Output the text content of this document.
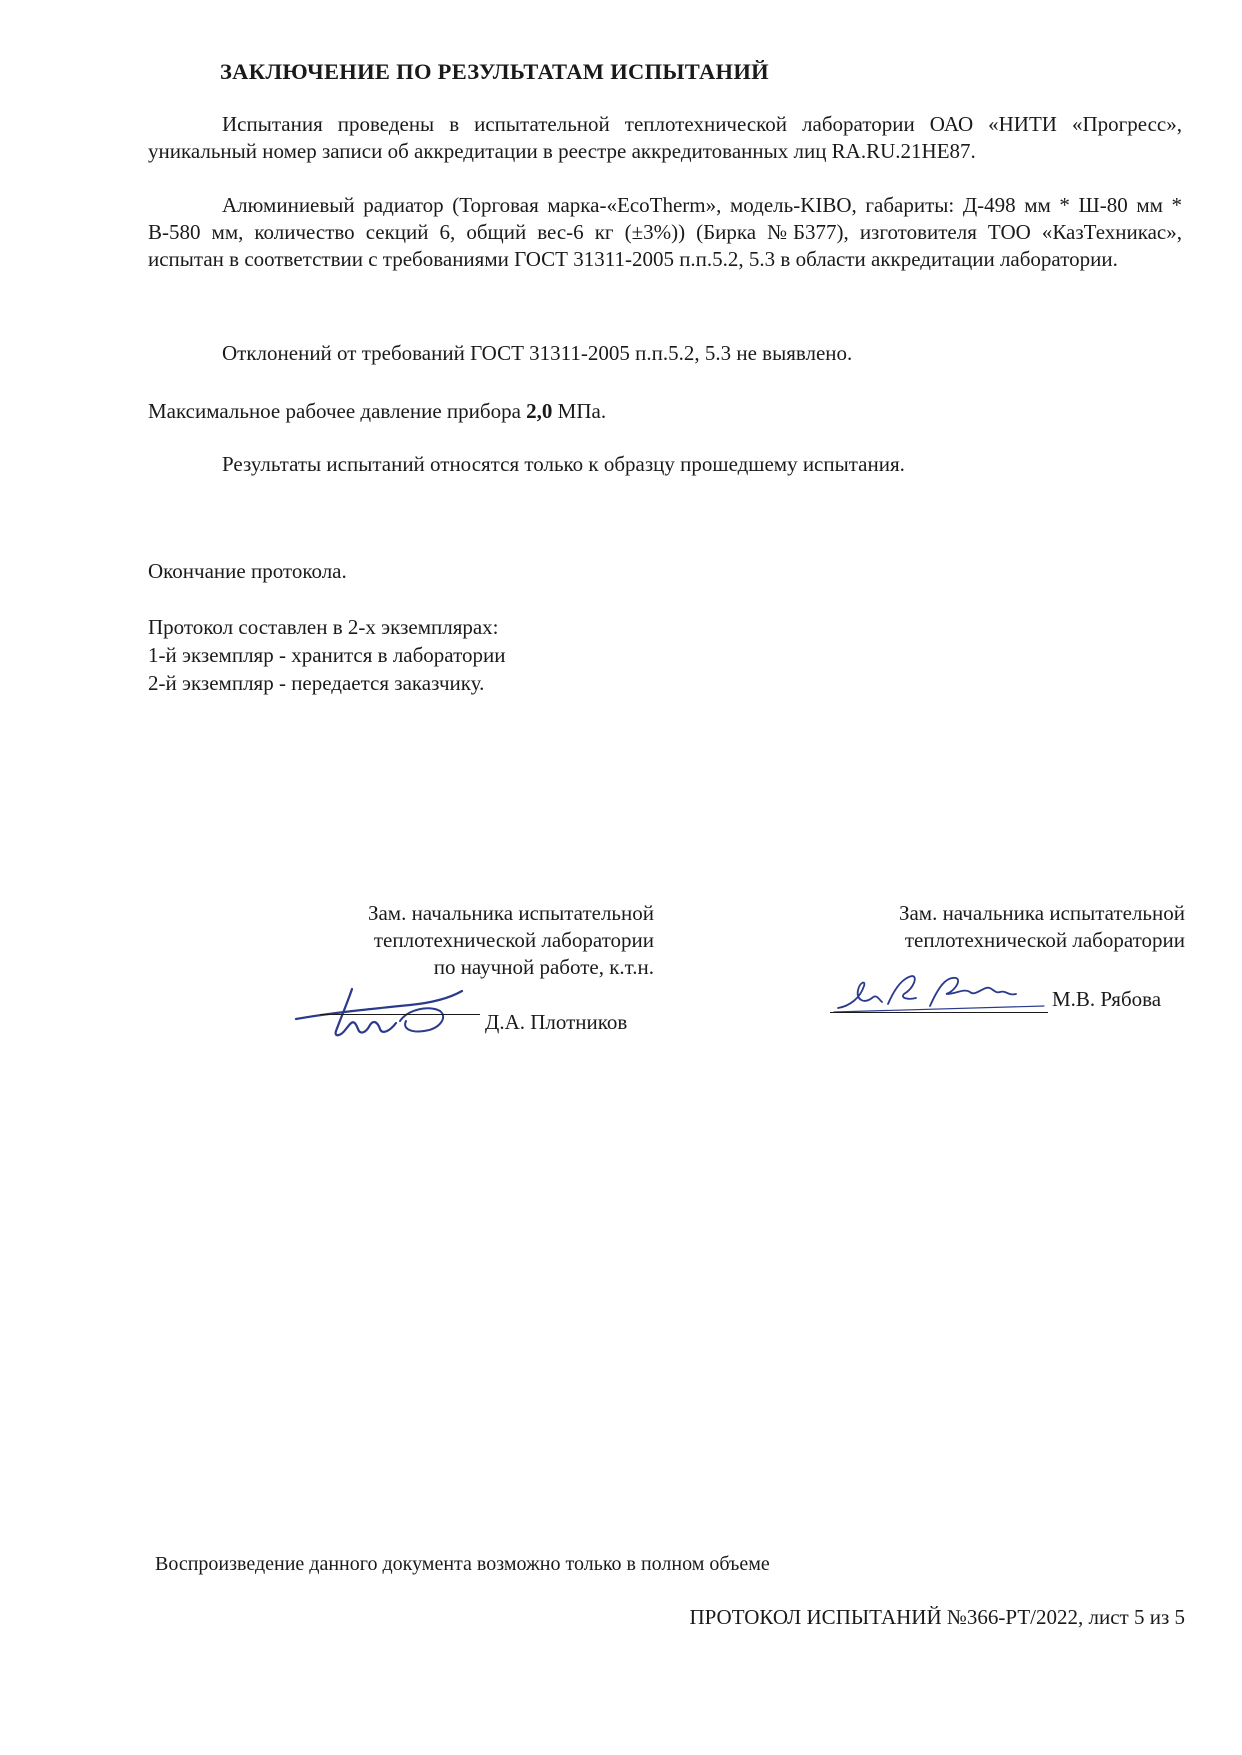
ЗАКЛЮЧЕНИЕ ПО РЕЗУЛЬТАТАМ ИСПЫТАНИЙ
Испытания проведены в испытательной теплотехнической лаборатории ОАО «НИТИ «Прогресс», уникальный номер записи об аккредитации в реестре аккредитованных лиц RA.RU.21HE87.
Алюминиевый радиатор (Торговая марка-«EcoTherm», модель-KIBO, габариты: Д-498 мм * Ш-80 мм * В-580 мм, количество секций 6, общий вес-6 кг (±3%)) (Бирка №Б377), изготовителя ТОО «КазТехникас», испытан в соответствии с требованиями ГОСТ 31311-2005 п.п.5.2, 5.3 в области аккредитации лаборатории.
Отклонений от требований ГОСТ 31311-2005 п.п.5.2, 5.3 не выявлено.
Максимальное рабочее давление прибора 2,0 МПа.
Результаты испытаний относятся только к образцу прошедшему испытания.
Окончание протокола.
Протокол составлен в 2-х экземплярах:
1-й экземпляр - хранится в лаборатории
2-й экземпляр - передается заказчику.
Зам. начальника испытательной
теплотехнической лаборатории
по научной работе, к.т.н.
Д.А. Плотников
Зам. начальника испытательной
теплотехнической лаборатории
М.В. Рябова
Воспроизведение данного документа возможно только в полном объеме
ПРОТОКОЛ ИСПЫТАНИЙ №366-РТ/2022, лист 5 из 5
